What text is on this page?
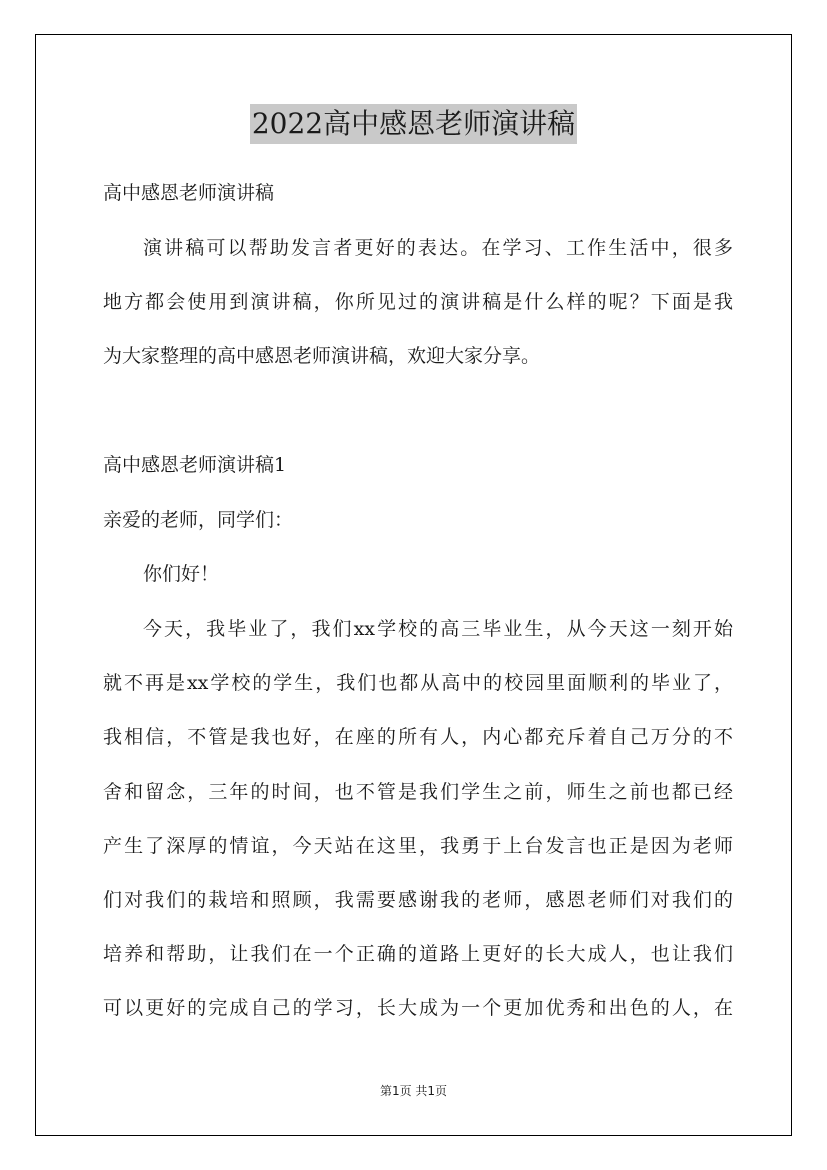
2022高中感恩老师演讲稿
高中感恩老师演讲稿
演讲稿可以帮助发言者更好的表达。在学习、工作生活中，很多
地方都会使用到演讲稿，你所见过的演讲稿是什么样的呢？下面是我
为大家整理的高中感恩老师演讲稿，欢迎大家分享。
高中感恩老师演讲稿1
亲爱的老师，同学们：
你们好！
今天，我毕业了，我们xx学校的高三毕业生，从今天这一刻开始
就不再是xx学校的学生，我们也都从高中的校园里面顺利的毕业了，
我相信，不管是我也好，在座的所有人，内心都充斥着自己万分的不
舍和留念，三年的时间，也不管是我们学生之前，师生之前也都已经
产生了深厚的情谊，今天站在这里，我勇于上台发言也正是因为老师
们对我们的栽培和照顾，我需要感谢我的老师，感恩老师们对我们的
培养和帮助，让我们在一个正确的道路上更好的长大成人，也让我们
可以更好的完成自己的学习，长大成为一个更加优秀和出色的人，在
第1页 共1页
